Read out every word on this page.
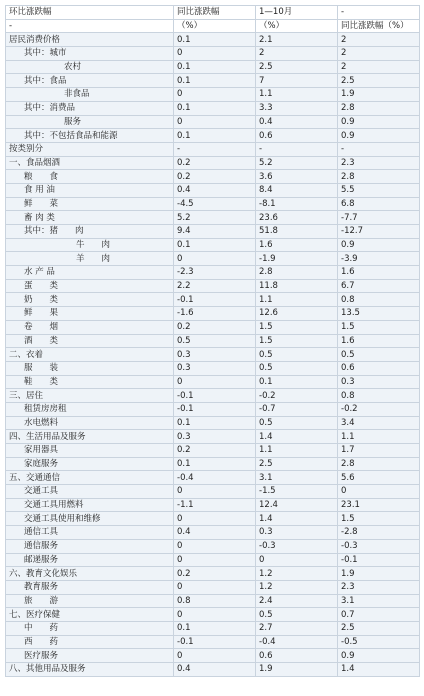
环比涨跌幅	同比涨跌幅	1—10月	-
-	（%）	（%）	同比涨跌幅（%）
居民消费价格	0.1	2.1	2
其中：城市	0	2	2
农村	0.1	2.5	2
其中：食品	0.1	7	2.5
非食品	0	1.1	1.9
其中：消费品	0.1	3.3	2.8
服务	0	0.4	0.9
其中：不包括食品和能源	0.1	0.6	0.9
按类别分	-	-	-
一、食品烟酒	0.2	5.2	2.3
粮　　食	0.2	3.6	2.8
食 用 油	0.4	8.4	5.5
鲜　　菜	-4.5	-8.1	6.8
畜 肉 类	5.2	23.6	-7.7
其中：猪　　肉	9.4	51.8	-12.7
牛　　肉	0.1	1.6	0.9
羊　　肉	0	-1.9	-3.9
水 产 品	-2.3	2.8	1.6
蛋　　类	2.2	11.8	6.7
奶　　类	-0.1	1.1	0.8
鲜　　果	-1.6	12.6	13.5
卷　　烟	0.2	1.5	1.5
酒　　类	0.5	1.5	1.6
二、衣着	0.3	0.5	0.5
服　　装	0.3	0.5	0.6
鞋　　类	0	0.1	0.3
三、居住	-0.1	-0.2	0.8
租赁房房租	-0.1	-0.7	-0.2
水电燃料	0.1	0.5	3.4
四、生活用品及服务	0.3	1.4	1.1
家用器具	0.2	1.1	1.7
家庭服务	0.1	2.5	2.8
五、交通通信	-0.4	3.1	5.6
交通工具	0	-1.5	0
交通工具用燃料	-1.1	12.4	23.1
交通工具使用和维修	0	1.4	1.5
通信工具	0.4	0.3	-2.8
通信服务	0	-0.3	-0.3
邮递服务	0	0	-0.1
六、教育文化娱乐	0.2	1.2	1.9
教育服务	0	1.2	2.3
旅　　游	0.8	2.4	3.1
七、医疗保健	0	0.5	0.7
中　　药	0.1	2.7	2.5
西　　药	-0.1	-0.4	-0.5
医疗服务	0	0.6	0.9
八、其他用品及服务	0.4	1.9	1.4
